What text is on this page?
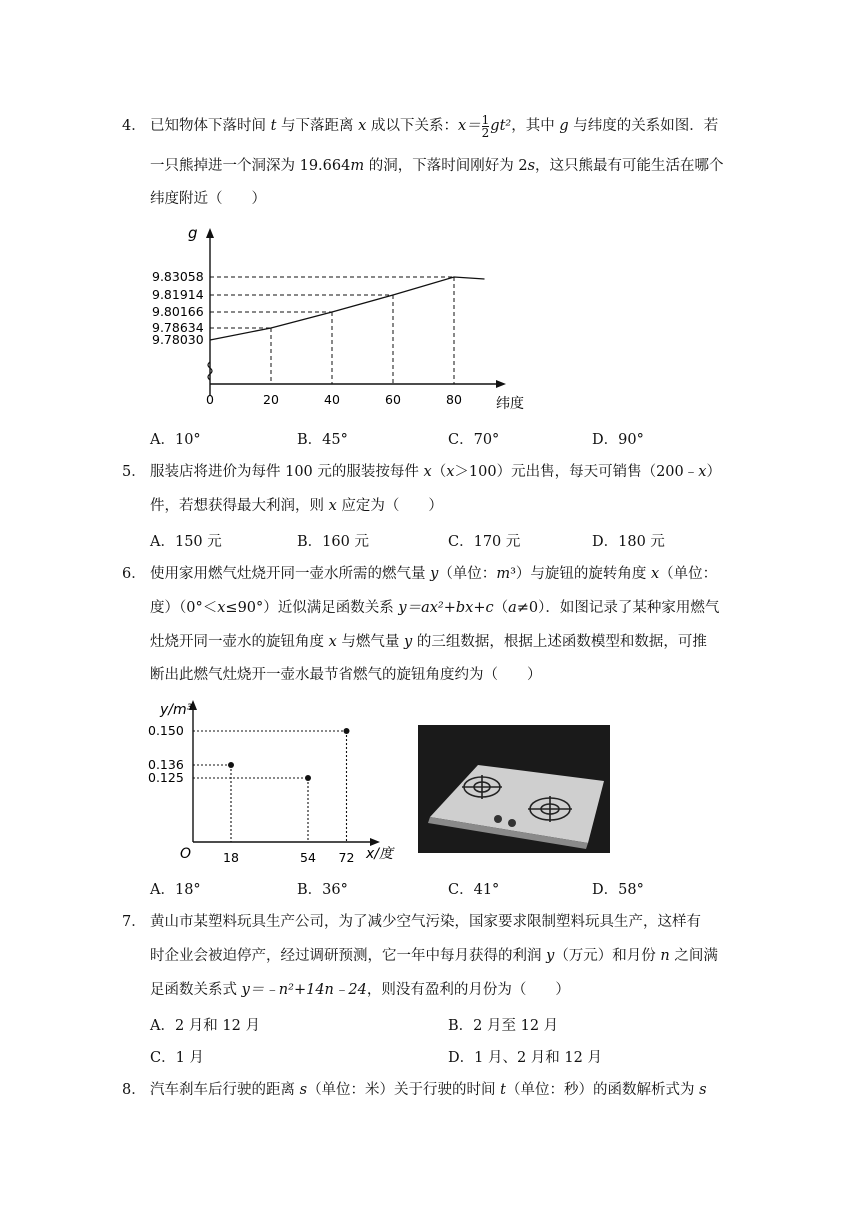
4． 已知物体下落时间 t 与下落距离 x 成以下关系：$x= \frac{1}{2} gt^2$，其中 g 与纬度的关系如图．若
一只熊掉进一个洞深为 19.664m 的洞，下落时间刚好为 2s，这只熊最有可能生活在哪个
纬度附近（　　）
g
纬度
0	20	40	60	80
9.83058
9.81914
9.80166
9.78634
9.78030
A．10°	B．45°	C．70°	D．90°
5． 服装店将进价为每件 100 元的服装按每件 x（x＞100）元出售，每天可销售（200﹣x）
件，若想获得最大利润，则 x 应定为（　　）
A．150 元	B．160 元	C．170 元	D．180 元
6． 使用家用燃气灶烧开同一壶水所需的燃气量 y（单位：m³）与旋钮的旋转角度 x（单位：
度）（0°＜x≤90°）近似满足函数关系 y＝ax²+bx+c（a≠0）．如图记录了某种家用燃气
灶烧开同一壶水的旋钮角度 x 与燃气量 y 的三组数据，根据上述函数模型和数据，可推
断出此燃气灶烧开一壶水最节省燃气的旋钮角度约为（　　）
y/m³
x/度
O
0.150
0.136
0.125
18	54 72
A．18°	B．36°	C．41°	D．58°
7． 黄山市某塑料玩具生产公司，为了减少空气污染，国家要求限制塑料玩具生产，这样有
时企业会被迫停产，经过调研预测，它一年中每月获得的利润 y（万元）和月份 n 之间满
足函数关系式 y＝﹣n²+14n﹣24，则没有盈利的月份为（　　）
A．2 月和 12 月	B．2 月至 12 月
C．1 月	D．1 月、2 月和 12 月
8． 汽车刹车后行驶的距离 s（单位：米）关于行驶的时间 t（单位：秒）的函数解析式为 s
